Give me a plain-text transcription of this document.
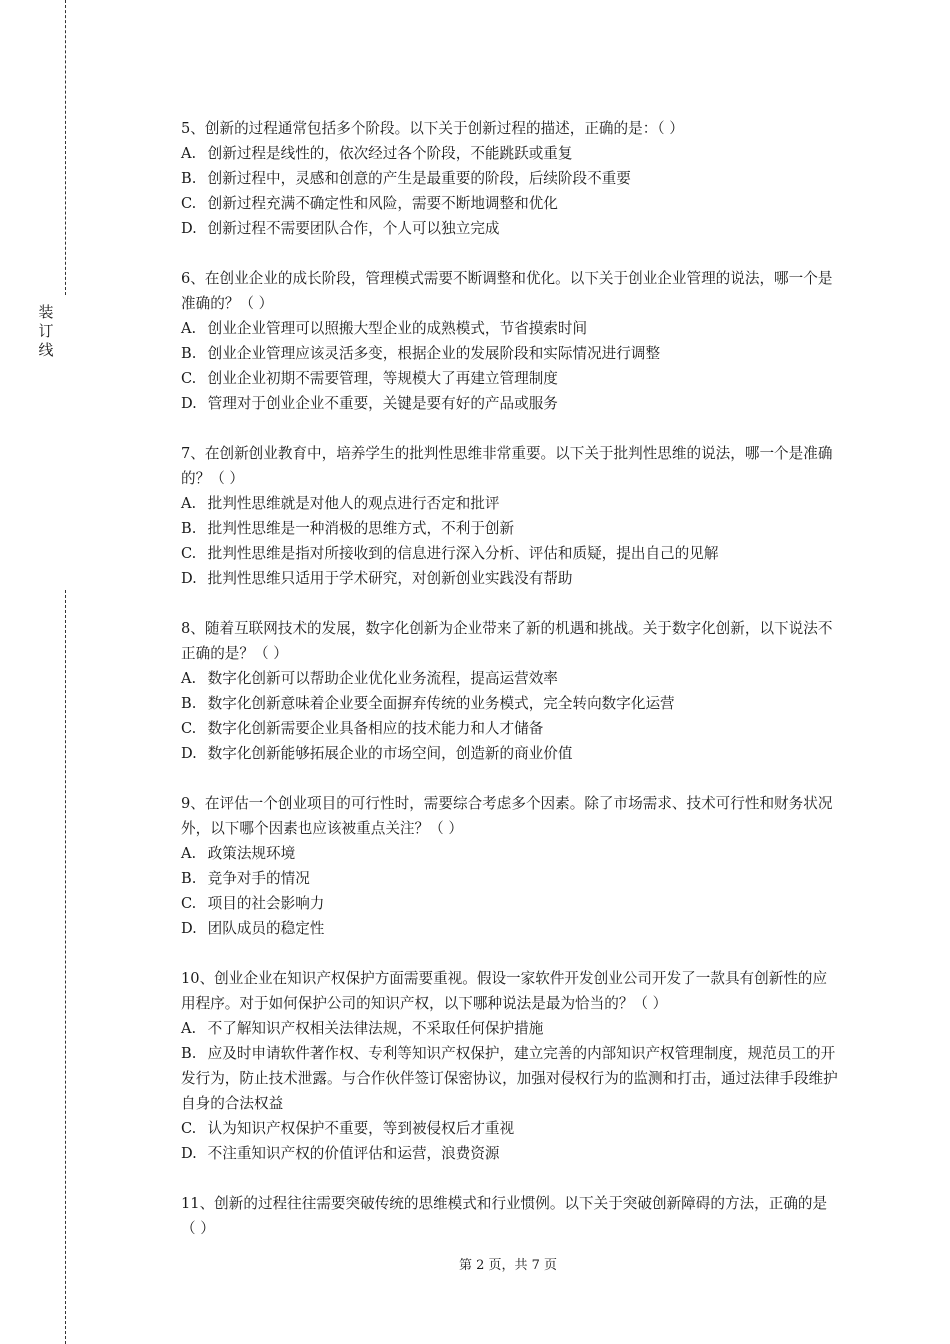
装
订
线
5、创新的过程通常包括多个阶段。以下关于创新过程的描述，正确的是：（ ）
A. 创新过程是线性的，依次经过各个阶段，不能跳跃或重复
B. 创新过程中，灵感和创意的产生是最重要的阶段，后续阶段不重要
C. 创新过程充满不确定性和风险，需要不断地调整和优化
D. 创新过程不需要团队合作，个人可以独立完成
6、在创业企业的成长阶段，管理模式需要不断调整和优化。以下关于创业企业管理的说法，哪一个是准确的？（ ）
A. 创业企业管理可以照搬大型企业的成熟模式，节省摸索时间
B. 创业企业管理应该灵活多变，根据企业的发展阶段和实际情况进行调整
C. 创业企业初期不需要管理，等规模大了再建立管理制度
D. 管理对于创业企业不重要，关键是要有好的产品或服务
7、在创新创业教育中，培养学生的批判性思维非常重要。以下关于批判性思维的说法，哪一个是准确的？（ ）
A. 批判性思维就是对他人的观点进行否定和批评
B. 批判性思维是一种消极的思维方式，不利于创新
C. 批判性思维是指对所接收到的信息进行深入分析、评估和质疑，提出自己的见解
D. 批判性思维只适用于学术研究，对创新创业实践没有帮助
8、随着互联网技术的发展，数字化创新为企业带来了新的机遇和挑战。关于数字化创新，以下说法不正确的是？（ ）
A. 数字化创新可以帮助企业优化业务流程，提高运营效率
B. 数字化创新意味着企业要全面摒弃传统的业务模式，完全转向数字化运营
C. 数字化创新需要企业具备相应的技术能力和人才储备
D. 数字化创新能够拓展企业的市场空间，创造新的商业价值
9、在评估一个创业项目的可行性时，需要综合考虑多个因素。除了市场需求、技术可行性和财务状况外，以下哪个因素也应该被重点关注？（ ）
A. 政策法规环境
B. 竞争对手的情况
C. 项目的社会影响力
D. 团队成员的稳定性
10、创业企业在知识产权保护方面需要重视。假设一家软件开发创业公司开发了一款具有创新性的应用程序。对于如何保护公司的知识产权，以下哪种说法是最为恰当的？（ ）
A. 不了解知识产权相关法律法规，不采取任何保护措施
B. 应及时申请软件著作权、专利等知识产权保护，建立完善的内部知识产权管理制度，规范员工的开发行为，防止技术泄露。与合作伙伴签订保密协议，加强对侵权行为的监测和打击，通过法律手段维护自身的合法权益
C. 认为知识产权保护不重要，等到被侵权后才重视
D. 不注重知识产权的价值评估和运营，浪费资源
11、创新的过程往往需要突破传统的思维模式和行业惯例。以下关于突破创新障碍的方法，正确的是（ ）
第 2 页，共 7 页
